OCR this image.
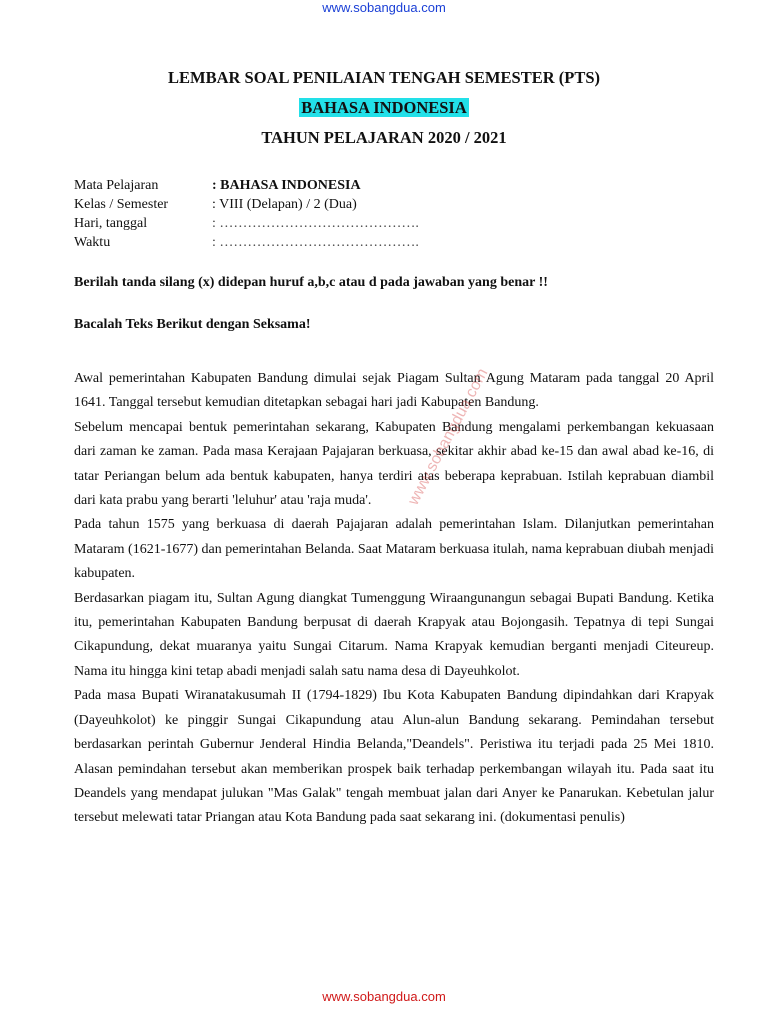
www.sobangdua.com
LEMBAR SOAL PENILAIAN TENGAH SEMESTER (PTS)
BAHASA INDONESIA
TAHUN PELAJARAN 2020 / 2021
Mata Pelajaran	: BAHASA INDONESIA
Kelas / Semester	: VIII (Delapan) / 2 (Dua)
Hari, tanggal	: …………………………………….
Waktu	: …………………………………….
Berilah tanda silang (x) didepan huruf a,b,c atau d pada jawaban yang benar !!
Bacalah Teks Berikut dengan Seksama!

Awal pemerintahan Kabupaten Bandung dimulai sejak Piagam Sultan Agung Mataram pada tanggal 20 April 1641. Tanggal tersebut kemudian ditetapkan sebagai hari jadi Kabupaten Bandung.

Sebelum mencapai bentuk pemerintahan sekarang, Kabupaten Bandung mengalami perkembangan kekuasaan dari zaman ke zaman. Pada masa Kerajaan Pajajaran berkuasa, sekitar akhir abad ke-15 dan awal abad ke-16, di tatar Periangan belum ada bentuk kabupaten, hanya terdiri atas beberapa keprabuan. Istilah keprabuan diambil dari kata prabu yang berarti 'leluhur' atau 'raja muda'.

Pada tahun 1575 yang berkuasa di daerah Pajajaran adalah pemerintahan Islam. Dilanjutkan pemerintahan Mataram (1621-1677) dan pemerintahan Belanda. Saat Mataram berkuasa itulah, nama keprabuan diubah menjadi kabupaten.

Berdasarkan piagam itu, Sultan Agung diangkat Tumenggung Wiraangunangun sebagai Bupati Bandung. Ketika itu, pemerintahan Kabupaten Bandung berpusat di daerah Krapyak atau Bojongasih. Tepatnya di tepi Sungai Cikapundung, dekat muaranya yaitu Sungai Citarum. Nama Krapyak kemudian berganti menjadi Citeureup. Nama itu hingga kini tetap abadi menjadi salah satu nama desa di Dayeuhkolot.

Pada masa Bupati Wiranatakusumah II (1794-1829) Ibu Kota Kabupaten Bandung dipindahkan dari Krapyak (Dayeuhkolot) ke pinggir Sungai Cikapundung atau Alun-alun Bandung sekarang. Pemindahan tersebut berdasarkan perintah Gubernur Jenderal Hindia Belanda,"Deandels". Peristiwa itu terjadi pada 25 Mei 1810. Alasan pemindahan tersebut akan memberikan prospek baik terhadap perkembangan wilayah itu. Pada saat itu Deandels yang mendapat julukan "Mas Galak" tengah membuat jalan dari Anyer ke Panarukan. Kebetulan jalur tersebut melewati tatar Priangan atau Kota Bandung pada saat sekarang ini. (dokumentasi penulis)

www.sobangdua.com
www.sobangdua.com
